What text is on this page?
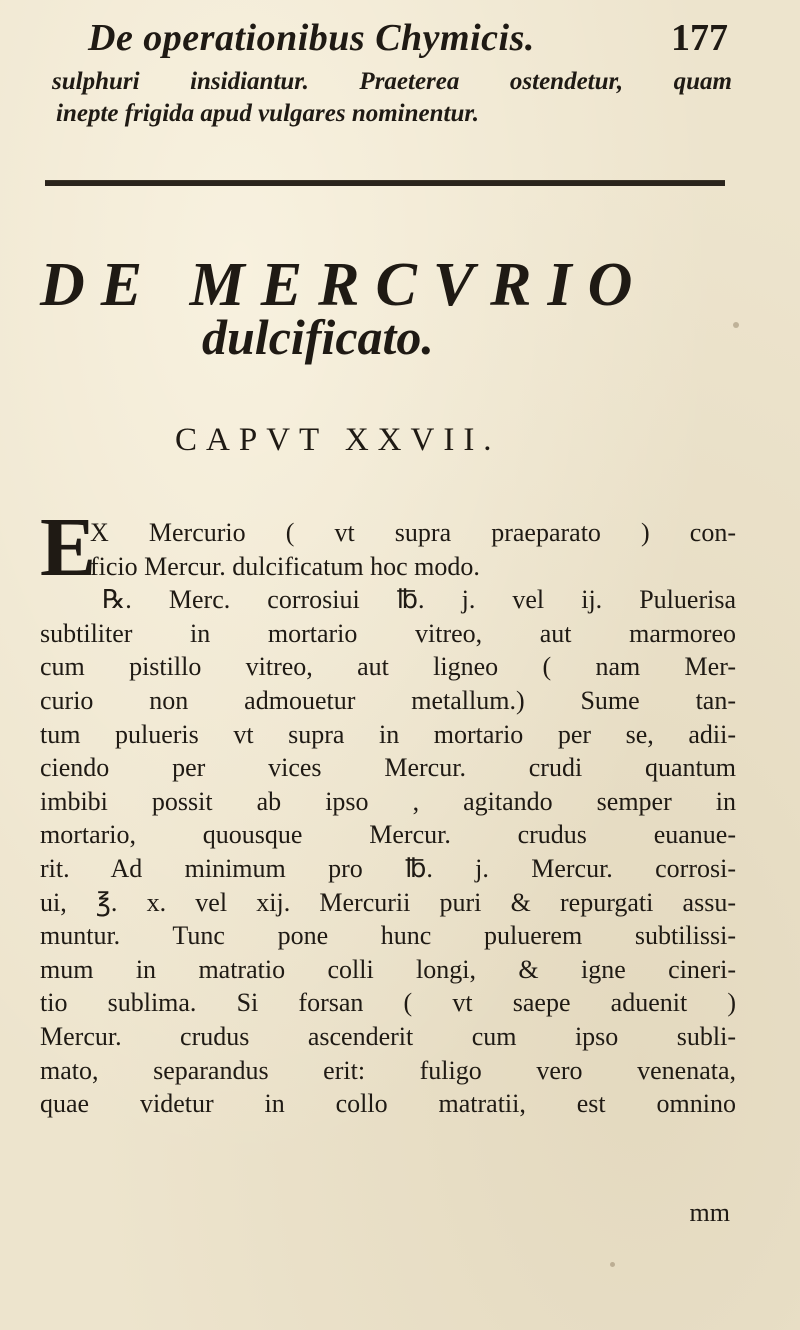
De operationibus Chymicis.	177
sulphuri insidiantur. Praeterea ostendetur, quam
inepte frigida apud vulgares nominentur.
DE MERCVRIO
dulcificato.
CAPVT XXVII.
E
X Mercurio ( vt supra praeparato ) con-
ficio Mercur. dulcificatum hoc modo.
℞. Merc. corrosiui ℔. j. vel ij. Puluerisa
subtiliter in mortario vitreo, aut marmoreo
cum pistillo vitreo, aut ligneo ( nam Mer-
curio non admouetur metallum.) Sume tan-
tum pulueris vt supra in mortario per se, adii-
ciendo per vices Mercur. crudi quantum
imbibi possit ab ipso , agitando semper in
mortario, quousque Mercur. crudus euanue-
rit. Ad minimum pro ℔. j. Mercur. corrosi-
ui, ℥. x. vel xij. Mercurii puri & repurgati assu-
muntur. Tunc pone hunc puluerem subtilissi-
mum in matratio colli longi, & igne cineri-
tio sublima. Si forsan ( vt saepe aduenit )
Mercur. crudus ascenderit cum ipso subli-
mato, separandus erit: fuligo vero venenata,
quae videtur in collo matratii, est omnino
mm
